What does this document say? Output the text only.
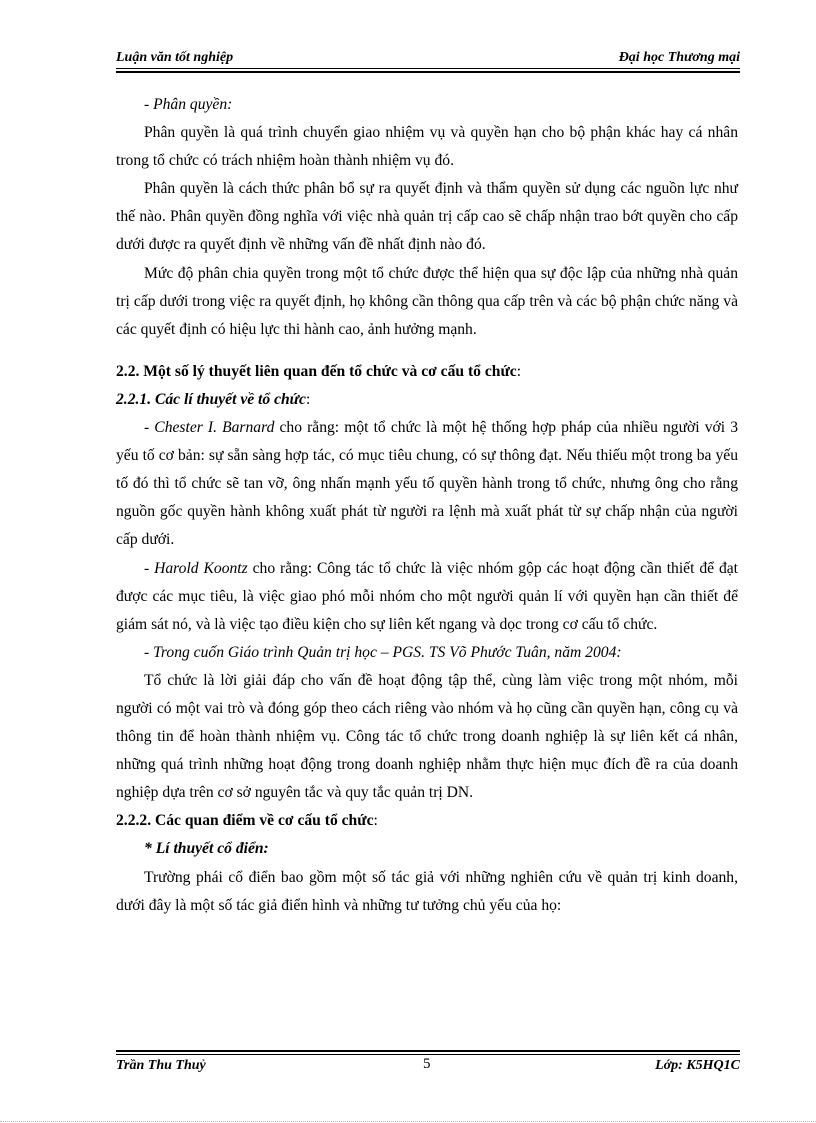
Luận văn tốt nghiệp	Đại học Thương mại

- Phân quyền:

Phân quyền là quá trình chuyển giao nhiệm vụ và quyền hạn cho bộ phận khác hay cá nhân trong tổ chức có trách nhiệm hoàn thành nhiệm vụ đó.

Phân quyền là cách thức phân bổ sự ra quyết định và thẩm quyền sử dụng các nguồn lực như thế nào. Phân quyền đồng nghĩa với việc nhà quản trị cấp cao sẽ chấp nhận trao bớt quyền cho cấp dưới được ra quyết định về những vấn đề nhất định nào đó.

Mức độ phân chia quyền trong một tổ chức được thể hiện qua sự độc lập của những nhà quản trị cấp dưới trong việc ra quyết định, họ không cần thông qua cấp trên và các bộ phận chức năng và các quyết định có hiệu lực thi hành cao, ảnh hưởng mạnh.

2.2. Một số lý thuyết liên quan đến tổ chức và cơ cấu tổ chức:

2.2.1. Các lí thuyết về tổ chức:

- Chester I. Barnard cho rằng: một tổ chức là một hệ thống hợp pháp của nhiều người với 3 yếu tố cơ bản: sự sẵn sàng hợp tác, có mục tiêu chung, có sự thông đạt. Nếu thiếu một trong ba yếu tố đó thì tổ chức sẽ tan vỡ, ông nhấn mạnh yếu tố quyền hành trong tổ chức, nhưng ông cho rằng nguồn gốc quyền hành không xuất phát từ người ra lệnh mà xuất phát từ sự chấp nhận của người cấp dưới.

- Harold Koontz cho rằng: Công tác tổ chức là việc nhóm gộp các hoạt động cần thiết để đạt được các mục tiêu, là việc giao phó mỗi nhóm cho một người quản lí với quyền hạn cần thiết để giám sát nó, và là việc tạo điều kiện cho sự liên kết ngang và dọc trong cơ cấu tổ chức.

- Trong cuốn Giáo trình Quản trị học – PGS. TS Võ Phước Tuân, năm 2004:

Tổ chức là lời giải đáp cho vấn đề hoạt động tập thể, cùng làm việc trong một nhóm, mỗi người có một vai trò và đóng góp theo cách riêng vào nhóm và họ cũng cần quyền hạn, công cụ và thông tin để hoàn thành nhiệm vụ. Công tác tổ chức trong doanh nghiệp là sự liên kết cá nhân, những quá trình những hoạt động trong doanh nghiệp nhằm thực hiện mục đích đề ra của doanh nghiệp dựa trên cơ sở nguyên tắc và quy tắc quản trị DN.

2.2.2. Các quan điểm về cơ cấu tổ chức:

* Lí thuyết cổ điển:

Trường phái cổ điển bao gồm một số tác giả với những nghiên cứu về quản trị kinh doanh, dưới đây là một số tác giả điển hình và những tư tưởng chủ yếu của họ:

Trần Thu Thuỷ	5	Lớp: K5HQ1C
